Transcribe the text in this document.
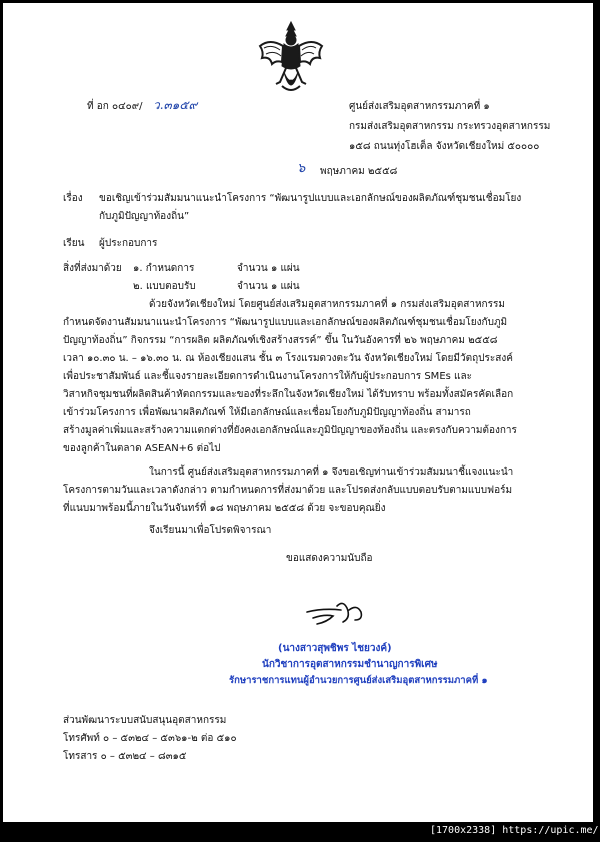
ที่ อก ๐๔๐๙/ ว.๓๑๕๙	ศูนย์ส่งเสริมอุตสาหกรรมภาคที่ ๑
กรมส่งเสริมอุตสาหกรรม กระทรวงอุตสาหกรรม
๑๕๘ ถนนทุ่งโฮเต็ล จังหวัดเชียงใหม่ ๕๐๐๐๐
๖ พฤษภาคม ๒๕๕๘
เรื่อง ขอเชิญเข้าร่วมสัมมนาแนะนำโครงการ “พัฒนารูปแบบและเอกลักษณ์ของผลิตภัณฑ์ชุมชนเชื่อมโยง
กับภูมิปัญญาท้องถิ่น”
เรียน ผู้ประกอบการ
สิ่งที่ส่งมาด้วย ๑. กำหนดการ	จำนวน ๑ แผ่น
๒. แบบตอบรับ	จำนวน ๑ แผ่น
ด้วยจังหวัดเชียงใหม่ โดยศูนย์ส่งเสริมอุตสาหกรรมภาคที่ ๑ กรมส่งเสริมอุตสาหกรรม
กำหนดจัดงานสัมมนาแนะนำโครงการ “พัฒนารูปแบบและเอกลักษณ์ของผลิตภัณฑ์ชุมชนเชื่อมโยงกับภูมิ
ปัญญาท้องถิ่น” กิจกรรม “การผลิต ผลิตภัณฑ์เชิงสร้างสรรค์” ขึ้น ในวันอังคารที่ ๒๖ พฤษภาคม ๒๕๕๘
เวลา ๑๐.๓๐ น. – ๑๖.๓๐ น. ณ ห้องเชียงแสน ชั้น ๓ โรงแรมดวงตะวัน จังหวัดเชียงใหม่ โดยมีวัตถุประสงค์
เพื่อประชาสัมพันธ์ และชี้แจงรายละเอียดการดำเนินงานโครงการให้กับผู้ประกอบการ SMEs และ
วิสาหกิจชุมชนที่ผลิตสินค้าหัตถกรรมและของที่ระลึกในจังหวัดเชียงใหม่ ได้รับทราบ พร้อมทั้งสมัครคัดเลือก
เข้าร่วมโครงการ เพื่อพัฒนาผลิตภัณฑ์ ให้มีเอกลักษณ์และเชื่อมโยงกับภูมิปัญญาท้องถิ่น สามารถ
สร้างมูลค่าเพิ่มและสร้างความแตกต่างที่ยังคงเอกลักษณ์และภูมิปัญญาของท้องถิ่น และตรงกับความต้องการ
ของลูกค้าในตลาด ASEAN+6 ต่อไป
ในการนี้ ศูนย์ส่งเสริมอุตสาหกรรมภาคที่ ๑ จึงขอเชิญท่านเข้าร่วมสัมมนาชี้แจงแนะนำ
โครงการตามวันและเวลาดังกล่าว ตามกำหนดการที่ส่งมาด้วย และโปรดส่งกลับแบบตอบรับตามแบบฟอร์ม
ที่แนบมาพร้อมนี้ภายในวันจันทร์ที่ ๑๘ พฤษภาคม ๒๕๕๘ ด้วย จะขอบคุณยิ่ง
จึงเรียนมาเพื่อโปรดพิจารณา
ขอแสดงความนับถือ
(นางสาวสุพชิพร ไชยวงค์)
นักวิชาการอุตสาหกรรมชำนาญการพิเศษ
รักษาราชการแทนผู้อำนวยการศูนย์ส่งเสริมอุตสาหกรรมภาคที่ ๑
ส่วนพัฒนาระบบสนับสนุนอุตสาหกรรม
โทรศัพท์ ๐ – ๕๓๒๔ – ๕๓๖๑-๒ ต่อ ๕๑๐
โทรสาร ๐ – ๕๓๒๔ – ๘๓๑๕
[1700x2338] https://upic.me/
